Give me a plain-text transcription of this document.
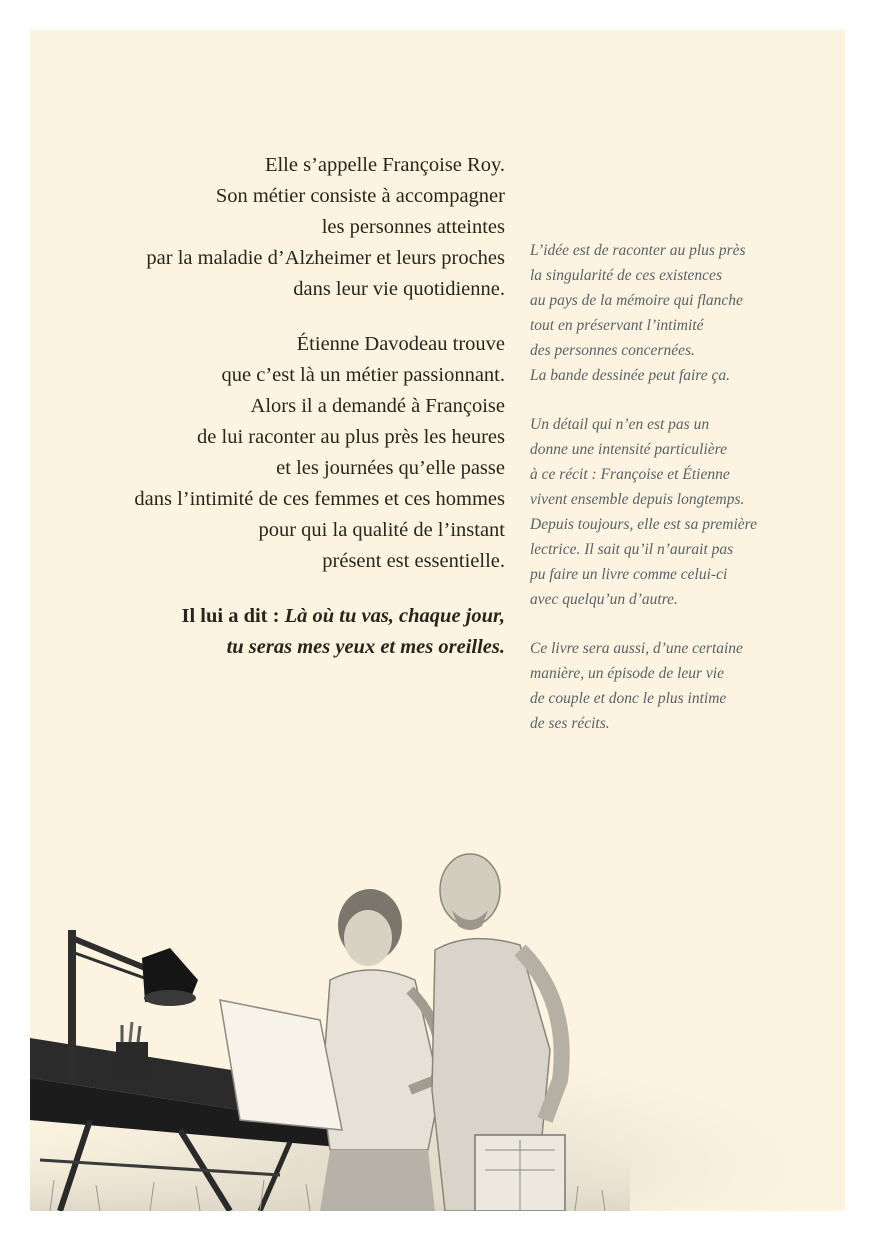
Elle s’appelle Françoise Roy.
Son métier consiste à accompagner
les personnes atteintes
par la maladie d’Alzheimer et leurs proches
dans leur vie quotidienne.

Étienne Davodeau trouve
que c’est là un métier passionnant.
Alors il a demandé à Françoise
de lui raconter au plus près les heures
et les journées qu’elle passe
dans l’intimité de ces femmes et ces hommes
pour qui la qualité de l’instant
présent est essentielle.

Il lui a dit : Là où tu vas, chaque jour,
tu seras mes yeux et mes oreilles.

L’idée est de raconter au plus près
la singularité de ces existences
au pays de la mémoire qui flanche
tout en préservant l’intimité
des personnes concernées.
La bande dessinée peut faire ça.

Un détail qui n’en est pas un
donne une intensité particulière
à ce récit : Françoise et Étienne
vivent ensemble depuis longtemps.
Depuis toujours, elle est sa première
lectrice. Il sait qu’il n’aurait pas
pu faire un livre comme celui-ci
avec quelqu’un d’autre.

Ce livre sera aussi, d’une certaine
manière, un épisode de leur vie
de couple et donc le plus intime
de ses récits.
